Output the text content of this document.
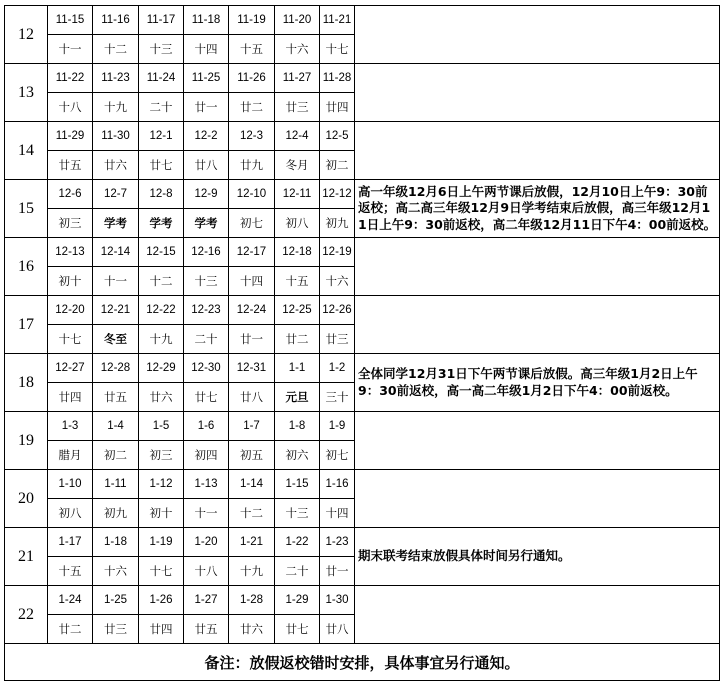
12
11-15
十一
11-16
十二
11-17
十三
11-18
十四
11-19
十五
11-20
十六
11-21
十七
13
11-22
十八
11-23
十九
11-24
二十
11-25
廿一
11-26
廿二
11-27
廿三
11-28
廿四
14
11-29
廿五
11-30
廿六
12-1
廿七
12-2
廿八
12-3
廿九
12-4
冬月
12-5
初二
15
12-6
初三
12-7
学考
12-8
学考
12-9
学考
12-10
初七
12-11
初八
12-12
初九
高一年级12月6日上午两节课后放假，12月10日上午9：30前返校；高二高三年级12月9日学考结束后放假，高三年级12月11日上午9：30前返校，高二年级12月11日下午4：00前返校。
16
12-13
初十
12-14
十一
12-15
十二
12-16
十三
12-17
十四
12-18
十五
12-19
十六
17
12-20
十七
12-21
冬至
12-22
十九
12-23
二十
12-24
廿一
12-25
廿二
12-26
廿三
18
12-27
廿四
12-28
廿五
12-29
廿六
12-30
廿七
12-31
廿八
1-1
元旦
1-2
三十
全体同学12月31日下午两节课后放假。高三年级1月2日上午9：30前返校，高一高二年级1月2日下午4：00前返校。
19
1-3
腊月
1-4
初二
1-5
初三
1-6
初四
1-7
初五
1-8
初六
1-9
初七
20
1-10
初八
1-11
初九
1-12
初十
1-13
十一
1-14
十二
1-15
十三
1-16
十四
21
1-17
十五
1-18
十六
1-19
十七
1-20
十八
1-21
十九
1-22
二十
1-23
廿一
期末联考结束放假具体时间另行通知。
22
1-24
廿二
1-25
廿三
1-26
廿四
1-27
廿五
1-28
廿六
1-29
廿七
1-30
廿八
备注：放假返校错时安排，具体事宜另行通知。
